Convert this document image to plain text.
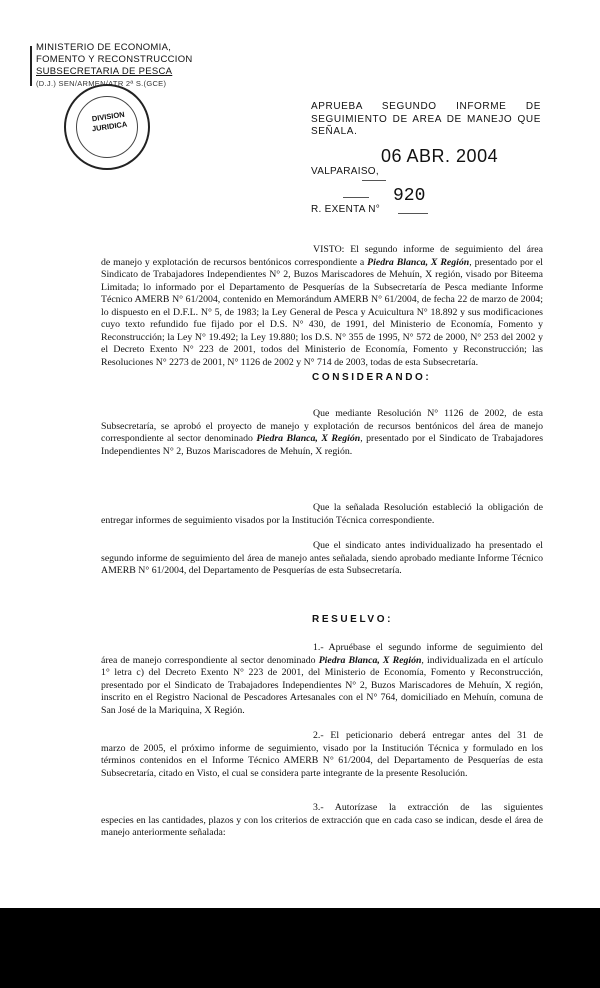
MINISTERIO DE ECONOMIA,
FOMENTO Y RECONSTRUCCION
SUBSECRETARIA DE PESCA
(D.J.) SEN/ARMEN/ATR 2ª S.(GCE)
DIVISION
JURIDICA
APRUEBA SEGUNDO INFORME DE
SEGUIMIENTO DE AREA DE MANEJO QUE
SEÑALA.
06 ABR. 2004
VALPARAISO,
920
R. EXENTA N°

VISTO: El segundo informe de seguimiento del área
de manejo y explotación de recursos bentónicos correspondiente a Piedra Blanca, X Región, presentado por el Sindicato de Trabajadores Independientes N° 2, Buzos Mariscadores de Mehuín, X región, visado por Biteema Limitada; lo informado por el Departamento de Pesquerías de la Subsecretaría de Pesca mediante Informe Técnico AMERB N° 61/2004, contenido en Memorándum AMERB N° 61/2004, de fecha 22 de marzo de 2004; lo dispuesto en el D.F.L. N° 5, de 1983; la Ley General de Pesca y Acuicultura N° 18.892 y sus modificaciones cuyo texto refundido fue fijado por el D.S. N° 430, de 1991, del Ministerio de Economía, Fomento y Reconstrucción; la Ley N° 19.492; la Ley 19.880; los D.S. N° 355 de 1995, N° 572 de 2000, N° 253 del 2002 y el Decreto Exento N° 223 de 2001, todos del Ministerio de Economía, Fomento y Reconstrucción; las Resoluciones N° 2273 de 2001, N° 1126 de 2002 y N° 714 de 2003, todas de esta Subsecretaría.

CONSIDERANDO:

Que mediante Resolución N° 1126 de 2002, de esta
Subsecretaría, se aprobó el proyecto de manejo y explotación de recursos bentónicos del área de manejo correspondiente al sector denominado Piedra Blanca, X Región, presentado por el Sindicato de Trabajadores Independientes N° 2, Buzos Mariscadores de Mehuín, X región.

Que la señalada Resolución estableció la obligación de
entregar informes de seguimiento visados por la Institución Técnica correspondiente.

Que el sindicato antes individualizado ha presentado el
segundo informe de seguimiento del área de manejo antes señalada, siendo aprobado mediante Informe Técnico AMERB N° 61/2004, del Departamento de Pesquerías de esta Subsecretaría.

RESUELVO:

1.- Apruébase el segundo informe de seguimiento del
área de manejo correspondiente al sector denominado Piedra Blanca, X Región, individualizada en el artículo 1° letra c) del Decreto Exento N° 223 de 2001, del Ministerio de Economía, Fomento y Reconstrucción, presentado por el Sindicato de Trabajadores Independientes N° 2, Buzos Mariscadores de Mehuín, X región, inscrito en el Registro Nacional de Pescadores Artesanales con el N° 764, domiciliado en Mehuín, comuna de San José de la Mariquina, X Región.

2.- El peticionario deberá entregar antes del 31 de
marzo de 2005, el próximo informe de seguimiento, visado por la Institución Técnica y formulado en los términos contenidos en el Informe Técnico AMERB N° 61/2004, del Departamento de Pesquerías de esta Subsecretaría, citado en Visto, el cual se considera parte integrante de la presente Resolución.

3.- Autorízase la extracción de las siguientes
especies en las cantidades, plazos y con los criterios de extracción que en cada caso se indican, desde el área de manejo anteriormente señalada:
